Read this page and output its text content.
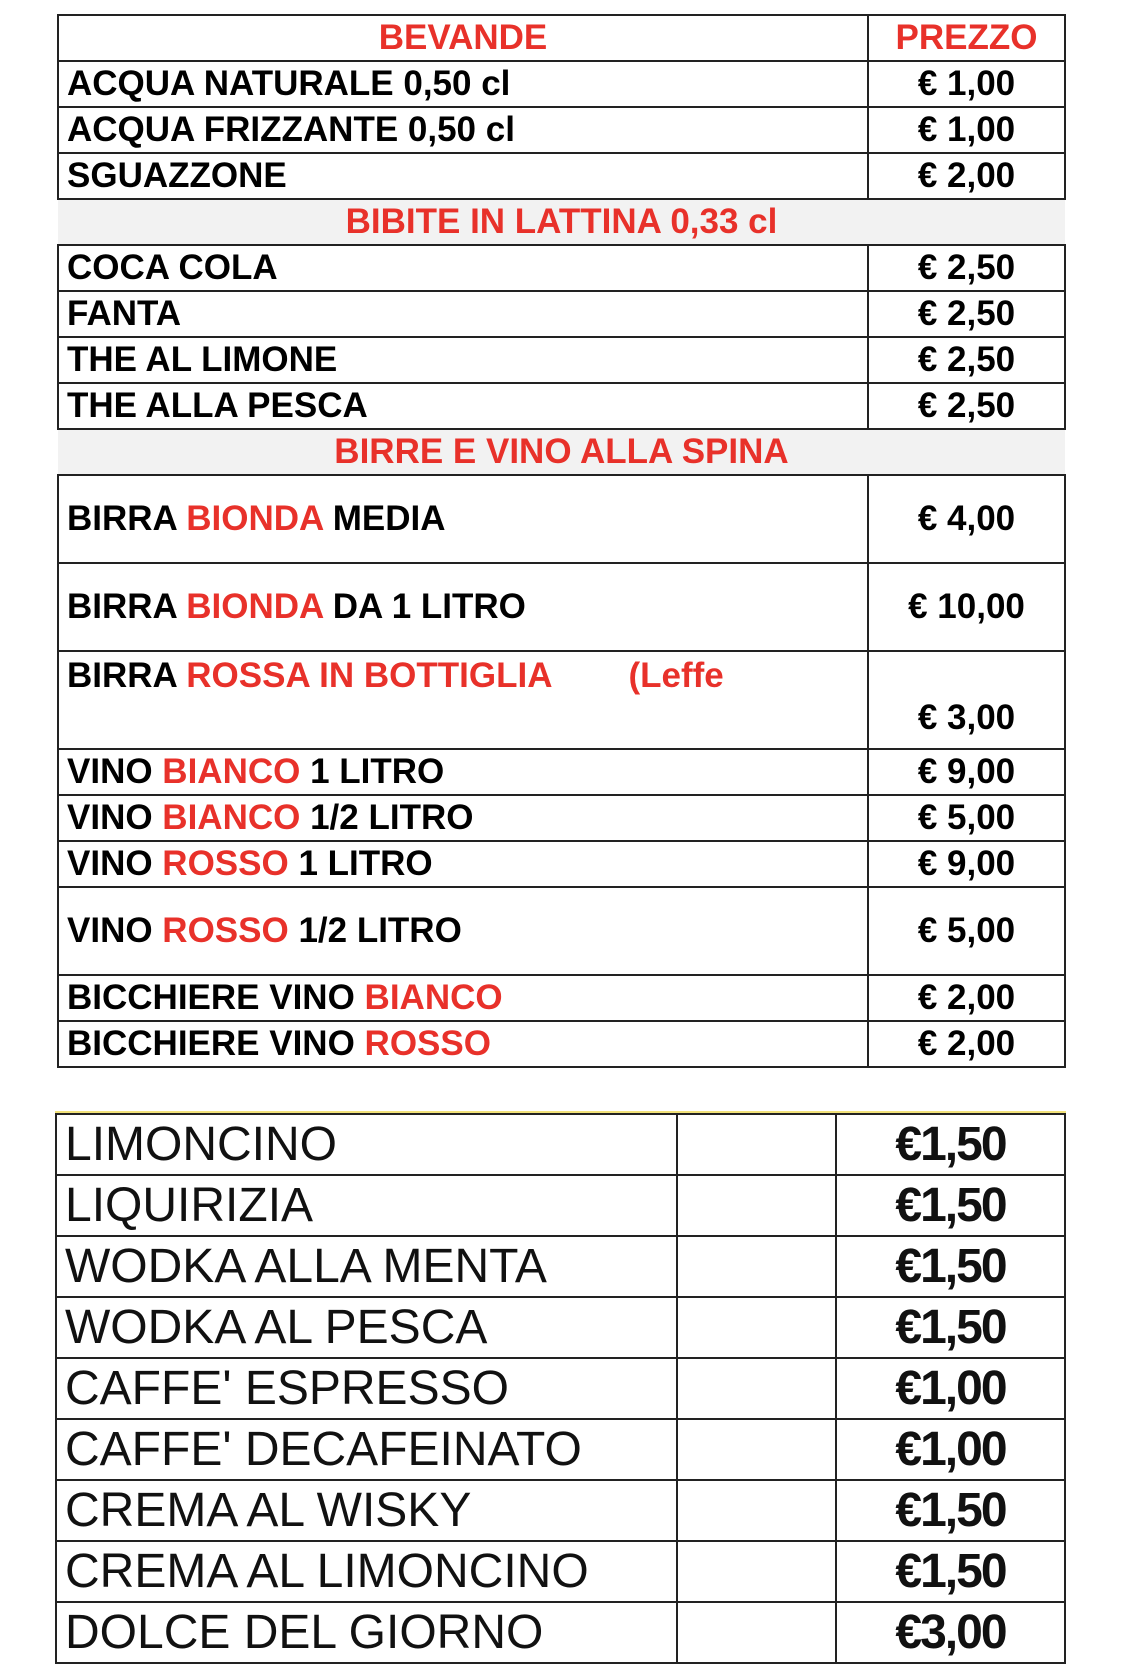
BEVANDE	PREZZO
ACQUA NATURALE 0,50 cl	€ 1,00
ACQUA FRIZZANTE 0,50 cl	€ 1,00
SGUAZZONE	€ 2,00
BIBITE IN LATTINA 0,33 cl	
COCA COLA	€ 2,50
FANTA	€ 2,50
THE AL LIMONE	€ 2,50
THE ALLA PESCA	€ 2,50
BIRRE E VINO ALLA SPINA	
BIRRA BIONDA MEDIA	€ 4,00
BIRRA BIONDA DA 1 LITRO	€ 10,00
BIRRA ROSSA IN BOTTIGLIA (Leffe	€ 3,00
VINO BIANCO 1 LITRO	€ 9,00
VINO BIANCO 1/2 LITRO	€ 5,00
VINO ROSSO 1 LITRO	€ 9,00
VINO ROSSO 1/2 LITRO	€ 5,00
BICCHIERE VINO BIANCO	€ 2,00
BICCHIERE VINO ROSSO	€ 2,00
LIMONCINO		€1,50
LIQUIRIZIA		€1,50
WODKA ALLA MENTA		€1,50
WODKA AL PESCA		€1,50
CAFFE' ESPRESSO		€1,00
CAFFE' DECAFEINATO		€1,00
CREMA AL WISKY		€1,50
CREMA AL LIMONCINO		€1,50
DOLCE DEL GIORNO		€3,00
